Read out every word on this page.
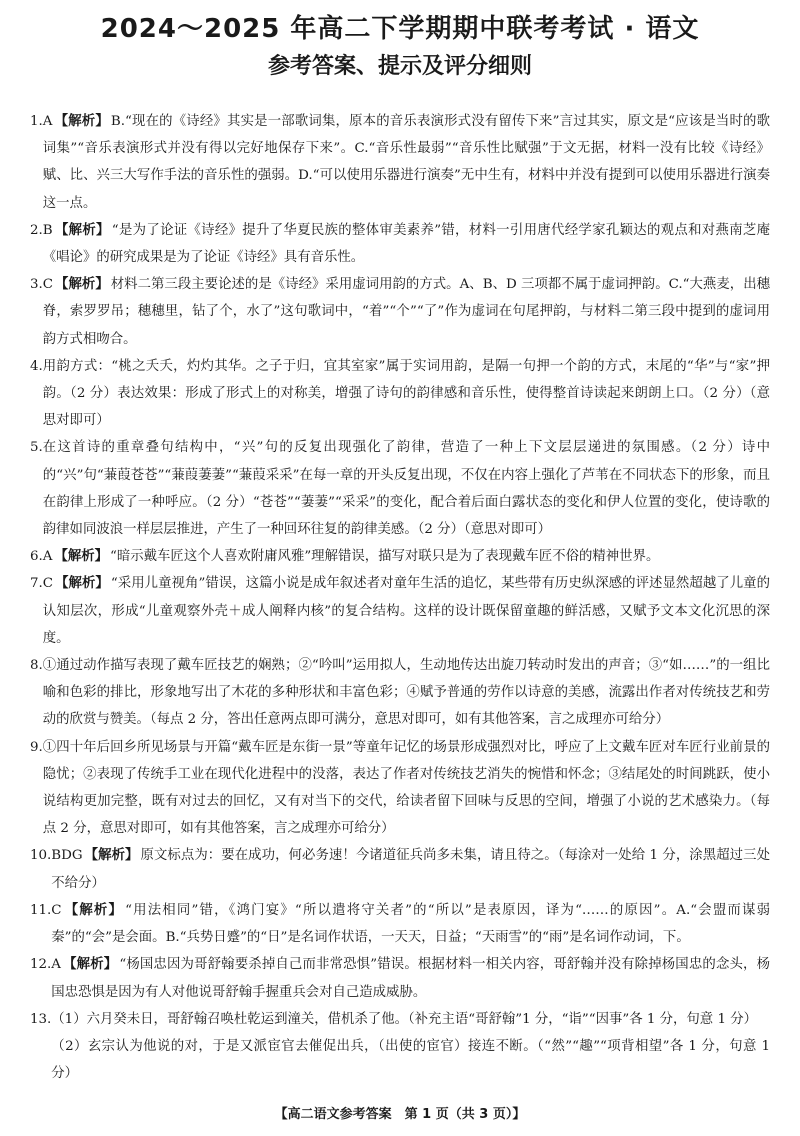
2024～2025 年高二下学期期中联考考试 · 语文
参考答案、提示及评分细则
1. A 【解析】 B.“现在的《诗经》其实是一部歌词集，原本的音乐表演形式没有留传下来”言过其实，原文是“应该是当时的歌词集”“音乐表演形式并没有得以完好地保存下来”。C.“音乐性最弱”“音乐性比赋强”于文无据，材料一没有比较《诗经》赋、比、兴三大写作手法的音乐性的强弱。D.“可以使用乐器进行演奏”无中生有，材料中并没有提到可以使用乐器进行演奏这一点。
2. B 【解析】 “是为了论证《诗经》提升了华夏民族的整体审美素养”错，材料一引用唐代经学家孔颖达的观点和对燕南芝庵《唱论》的研究成果是为了论证《诗经》具有音乐性。
3. C 【解析】 材料二第三段主要论述的是《诗经》采用虚词用韵的方式。A、B、D 三项都不属于虚词押韵。C.“大燕麦，出穗脊，索罗罗吊；穗穗里，钻了个，水了”这句歌词中，“着”“个”“了”作为虚词在句尾押韵，与材料二第三段中提到的虚词用韵方式相吻合。
4. 用韵方式：“桃之夭夭，灼灼其华。之子于归，宜其室家”属于实词用韵，是隔一句押一个韵的方式，末尾的“华”与“家”押韵。（2 分）表达效果：形成了形式上的对称美，增强了诗句的韵律感和音乐性，使得整首诗读起来朗朗上口。（2 分）（意思对即可）
5. 在这首诗的重章叠句结构中，“兴”句的反复出现强化了韵律，营造了一种上下文层层递进的氛围感。（2 分）诗中的“兴”句“蒹葭苍苍”“蒹葭萋萋”“蒹葭采采”在每一章的开头反复出现，不仅在内容上强化了芦苇在不同状态下的形象，而且在韵律上形成了一种呼应。（2 分）“苍苍”“萋萋”“采采”的变化，配合着后面白露状态的变化和伊人位置的变化，使诗歌的韵律如同波浪一样层层推进，产生了一种回环往复的韵律美感。（2 分）（意思对即可）
6. A 【解析】 “暗示戴车匠这个人喜欢附庸风雅”理解错误，描写对联只是为了表现戴车匠不俗的精神世界。
7. C 【解析】 “采用儿童视角”错误，这篇小说是成年叙述者对童年生活的追忆，某些带有历史纵深感的评述显然超越了儿童的认知层次，形成“儿童观察外壳＋成人阐释内核”的复合结构。这样的设计既保留童趣的鲜活感，又赋予文本文化沉思的深度。
8. ①通过动作描写表现了戴车匠技艺的娴熟；②“吟叫”运用拟人，生动地传达出旋刀转动时发出的声音；③“如……”的一组比喻和色彩的排比，形象地写出了木花的多种形状和丰富色彩；④赋予普通的劳作以诗意的美感，流露出作者对传统技艺和劳动的欣赏与赞美。（每点 2 分，答出任意两点即可满分，意思对即可，如有其他答案，言之成理亦可给分）
9. ①四十年后回乡所见场景与开篇“戴车匠是东街一景”等童年记忆的场景形成强烈对比，呼应了上文戴车匠对车匠行业前景的隐忧；②表现了传统手工业在现代化进程中的没落，表达了作者对传统技艺消失的惋惜和怀念；③结尾处的时间跳跃，使小说结构更加完整，既有对过去的回忆，又有对当下的交代，给读者留下回味与反思的空间，增强了小说的艺术感染力。（每点 2 分，意思对即可，如有其他答案，言之成理亦可给分）
10. BDG 【解析】 原文标点为：要在成功，何必务速！今诸道征兵尚多未集，请且待之。（每涂对一处给 1 分，涂黑超过三处不给分）
11. C 【解析】 “用法相同”错，《鸿门宴》“所以遣将守关者”的“所以”是表原因，译为“……的原因”。A.“会盟而谋弱秦”的“会”是会面。B.“兵势日蹙”的“日”是名词作状语，一天天，日益；“天雨雪”的“雨”是名词作动词，下。
12. A 【解析】 “杨国忠因为哥舒翰要杀掉自己而非常恐惧”错误。根据材料一相关内容，哥舒翰并没有除掉杨国忠的念头，杨国忠恐惧是因为有人对他说哥舒翰手握重兵会对自己造成威胁。
13. （1）六月癸未日，哥舒翰召唤杜乾运到潼关，借机杀了他。（补充主语“哥舒翰”1 分，“诣”“因事”各 1 分，句意 1 分）
（2）玄宗认为他说的对，于是又派宦官去催促出兵，（出使的宦官）接连不断。（“然”“趣”“项背相望”各 1 分，句意 1 分）
【高二语文参考答案　第 1 页（共 3 页）】
